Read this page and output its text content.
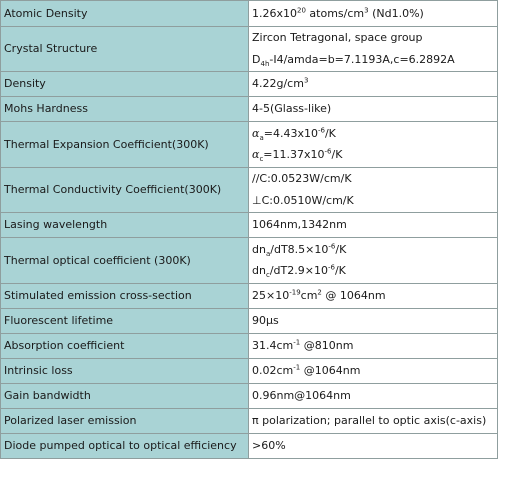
Atomic Density	$1.26x10^{20}$ atoms/$cm^3$ (Nd1.0%)
Crystal Structure	Zircon Tetragonal, space group
$D_{4h}-I4/amda=b=7.1193A,c=6.2892A$

Density	$4.22g/cm^3$
Mohs Hardness	4-5(Glass-like)
Thermal Expansion Coefficient(300K)	$\alpha_a=4.43x10^{-6}/K$
$\alpha_c=11.37x10^{-6}/K$

Thermal Conductivity Coefficient(300K)	//C:0.0523W/cm/K
⊥C:0.0510W/cm/K

Lasing wavelength	1064nm,1342nm
Thermal optical coefficient (300K)	$dn_a/dT8.5\times 10^{-6}/K$
$dn_c/dT2.9\times 10^{-6}/K$

Stimulated emission cross-section	$25\times 10^{-19}cm^2$ @ 1064nm
Fluorescent lifetime	90μs
Absorption coefficient	$31.4cm^{-1}$ @810nm
Intrinsic loss	$0.02cm^{-1}$ @1064nm
Gain bandwidth	0.96nm@1064nm
Polarized laser emission	π polarization; parallel to optic axis(c-axis)
Diode pumped optical to optical efficiency	>60%
